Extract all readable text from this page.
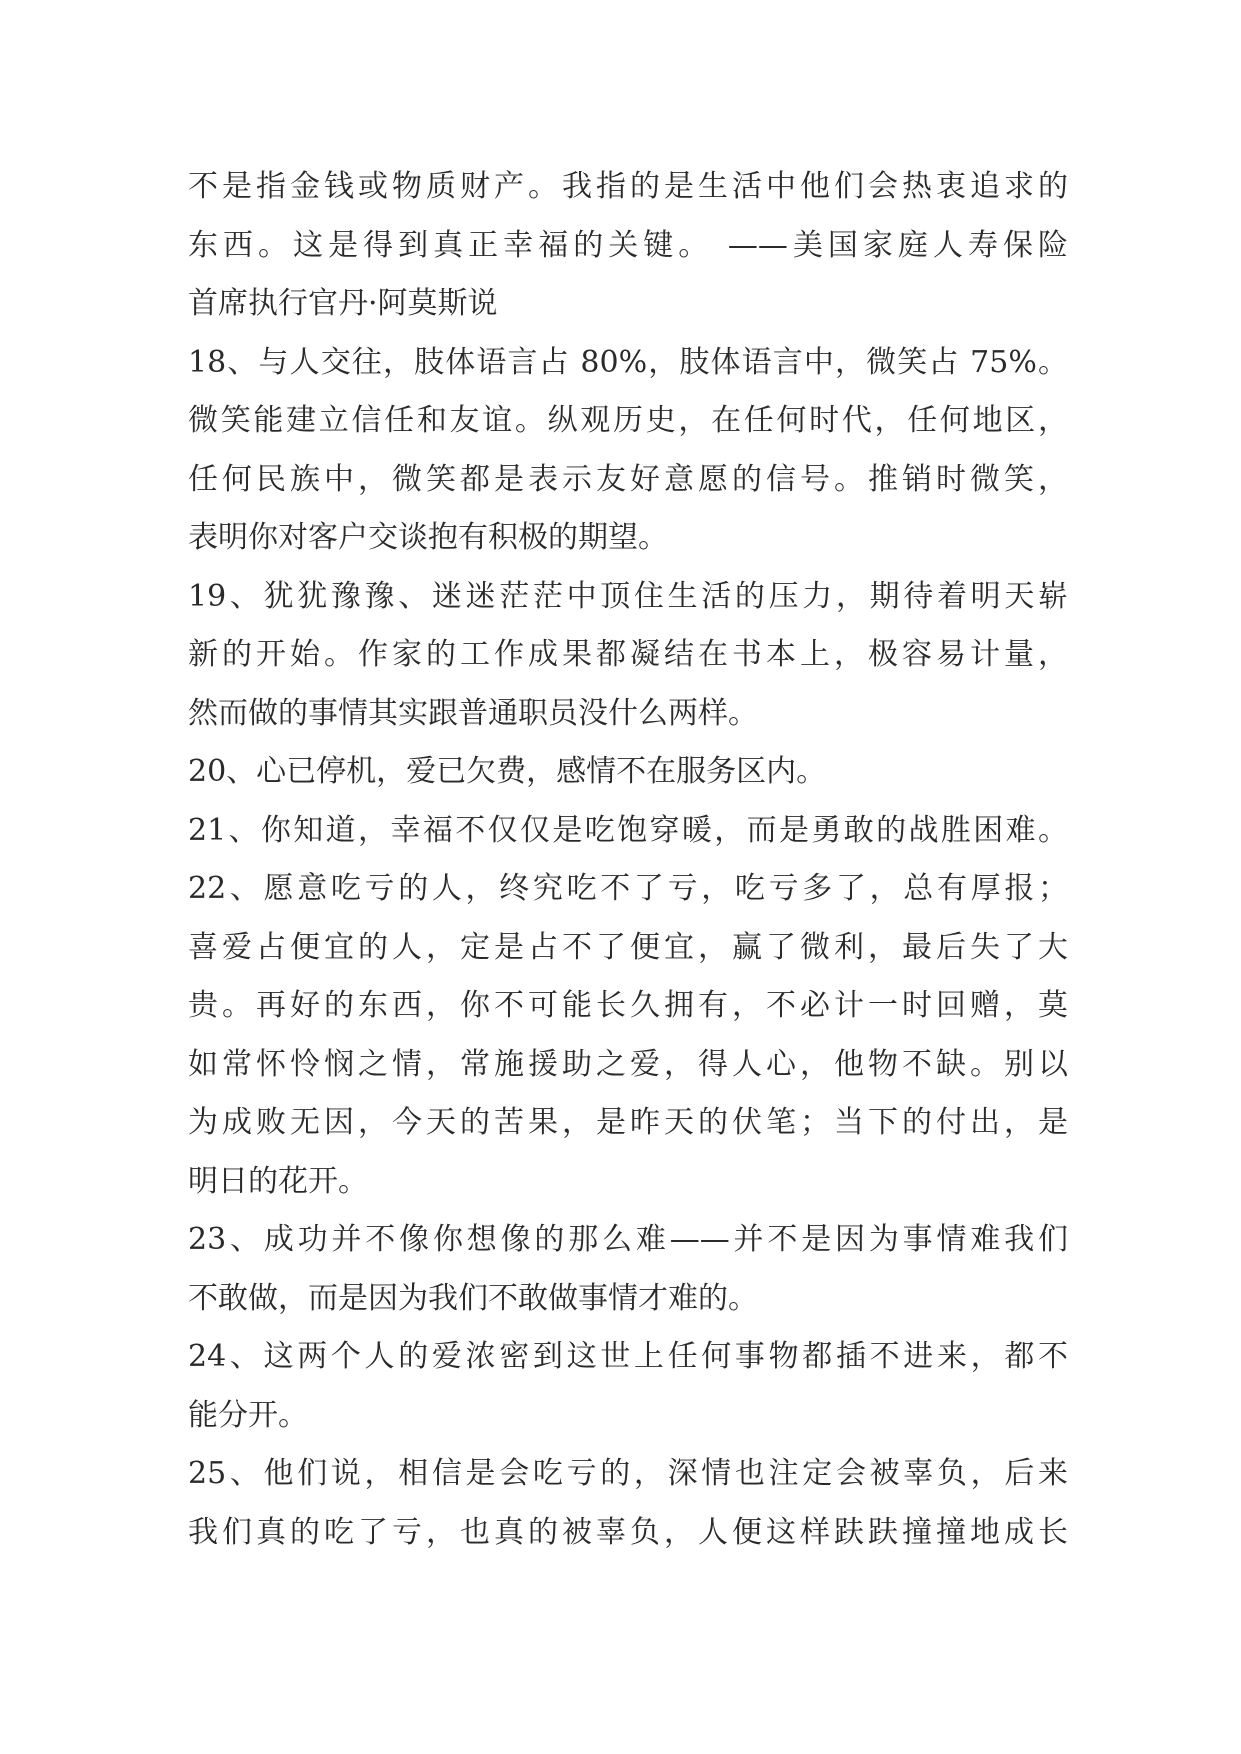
不是指金钱或物质财产。我指的是生活中他们会热衷追求的
东西。这是得到真正幸福的关键。 ——美国家庭人寿保险
首席执行官丹·阿莫斯说
18、与人交往，肢体语言占 80%，肢体语言中，微笑占 75%。
微笑能建立信任和友谊。纵观历史，在任何时代，任何地区，
任何民族中，微笑都是表示友好意愿的信号。推销时微笑，
表明你对客户交谈抱有积极的期望。
19、犹犹豫豫、迷迷茫茫中顶住生活的压力，期待着明天崭
新的开始。作家的工作成果都凝结在书本上，极容易计量，
然而做的事情其实跟普通职员没什么两样。
20、心已停机，爱已欠费，感情不在服务区内。
21、你知道，幸福不仅仅是吃饱穿暖，而是勇敢的战胜困难。
22、愿意吃亏的人，终究吃不了亏，吃亏多了，总有厚报；
喜爱占便宜的人，定是占不了便宜，赢了微利，最后失了大
贵。再好的东西，你不可能长久拥有，不必计一时回赠，莫
如常怀怜悯之情，常施援助之爱，得人心，他物不缺。别以
为成败无因，今天的苦果，是昨天的伏笔；当下的付出，是
明日的花开。
23、成功并不像你想像的那么难——并不是因为事情难我们
不敢做，而是因为我们不敢做事情才难的。
24、这两个人的爱浓密到这世上任何事物都插不进来，都不
能分开。
25、他们说，相信是会吃亏的，深情也注定会被辜负，后来
我们真的吃了亏，也真的被辜负，人便这样趺趺撞撞地成长
